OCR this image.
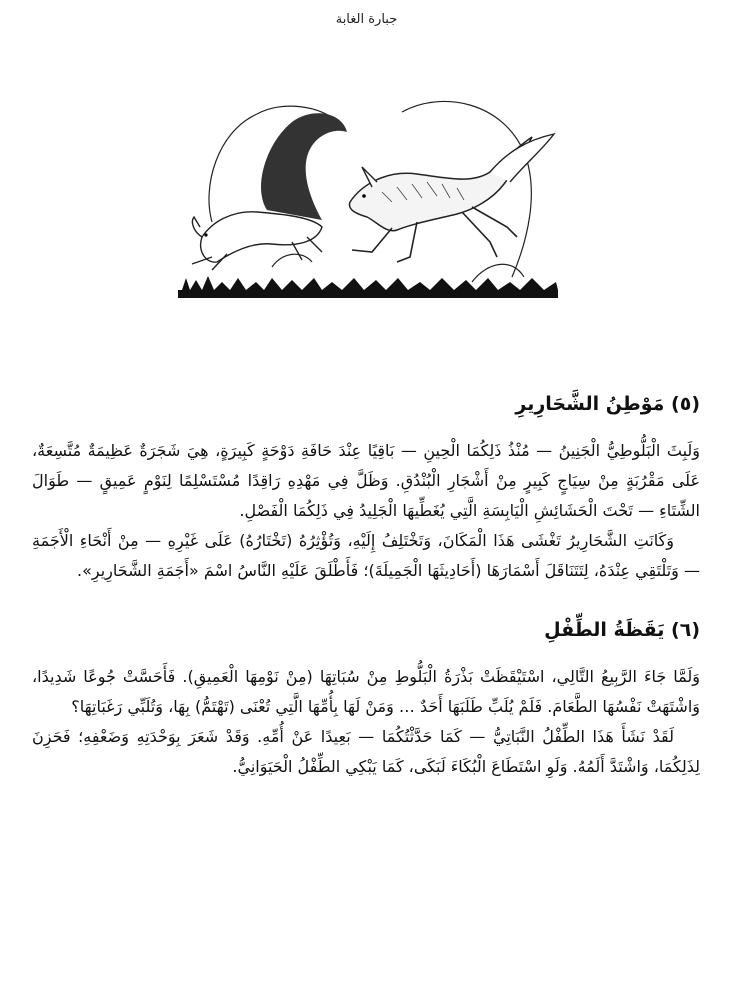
جبارة الغابة
(٥) مَوْطِنُ الشَّحَارِيرِ

وَلَبِثَ الْبَلُّوطِيُّ الْجَنِينُ — مُنْذُ ذَلِكُمَا الْحِينِ — بَاقِيًا عِنْدَ حَافَةِ دَوْحَةٍ كَبِيرَةٍ، هِيَ شَجَرَةٌ عَظِيمَةٌ مُتَّسِعَةٌ، عَلَى مَقْرُبَةٍ مِنْ سِيَاجٍ كَبِيرٍ مِنْ أَشْجَارِ الْبُنْدُقِ. وَظَلَّ فِي مَهْدِهِ رَاقِدًا مُسْتَسْلِمًا لِنَوْمٍ عَمِيقٍ — طَوَالَ الشِّتَاءِ — تَحْتَ الْحَشَائِشِ الْيَابِسَةِ الَّتِي يُغَطِّيهَا الْجَلِيدُ فِي ذَلِكُمَا الْفَصْلِ.

وَكَانَتِ الشَّحَارِيرُ تَغْشَى هَذَا الْمَكَانَ، وَتَخْتَلِفُ إِلَيْهِ، وَتُؤْثِرُهُ (تَخْتَارُهُ) عَلَى غَيْرِهِ — مِنْ أَنْحَاءِ الْأَجَمَةِ — وَتَلْتَقِي عِنْدَهُ، لِتَتَنَاقَلَ أَسْمَارَهَا (أَحَادِيثَهَا الْجَمِيلَةَ)؛ فَأَطْلَقَ عَلَيْهِ النَّاسُ اسْمَ «أَجَمَةِ الشَّحَارِيرِ».

(٦) يَقَظَةُ الطِّفْلِ

وَلَمَّا جَاءَ الرَّبِيعُ التَّالِي، اسْتَيْقَظَتْ بَذْرَةُ الْبَلُّوطِ مِنْ سُبَاتِهَا (مِنْ نَوْمِهَا الْعَمِيقِ). فَأَحَسَّتْ جُوعًا شَدِيدًا، وَاشْتَهَتْ نَفْسُهَا الطَّعَامَ. فَلَمْ يُلَبِّ طَلَبَهَا أَحَدٌ … وَمَنْ لَهَا بِأُمِّهَا الَّتِي تُعْنَى (تَهْتَمُّ) بِهَا، وَتُلَبِّي رَغَبَاتِهَا؟

لَقَدْ نَشَأَ هَذَا الطِّفْلُ النَّبَاتِيُّ — كَمَا حَدَّثْتُكُمَا — بَعِيدًا عَنْ أُمِّهِ. وَقَدْ شَعَرَ بِوَحْدَتِهِ وَضَعْفِهِ؛ فَحَزِنَ لِذَلِكُمَا، وَاشْتَدَّ أَلَمُهُ. وَلَوِ اسْتَطَاعَ الْبُكَاءَ لَبَكَى، كَمَا يَبْكِي الطِّفْلُ الْحَيَوَانِيُّ.
